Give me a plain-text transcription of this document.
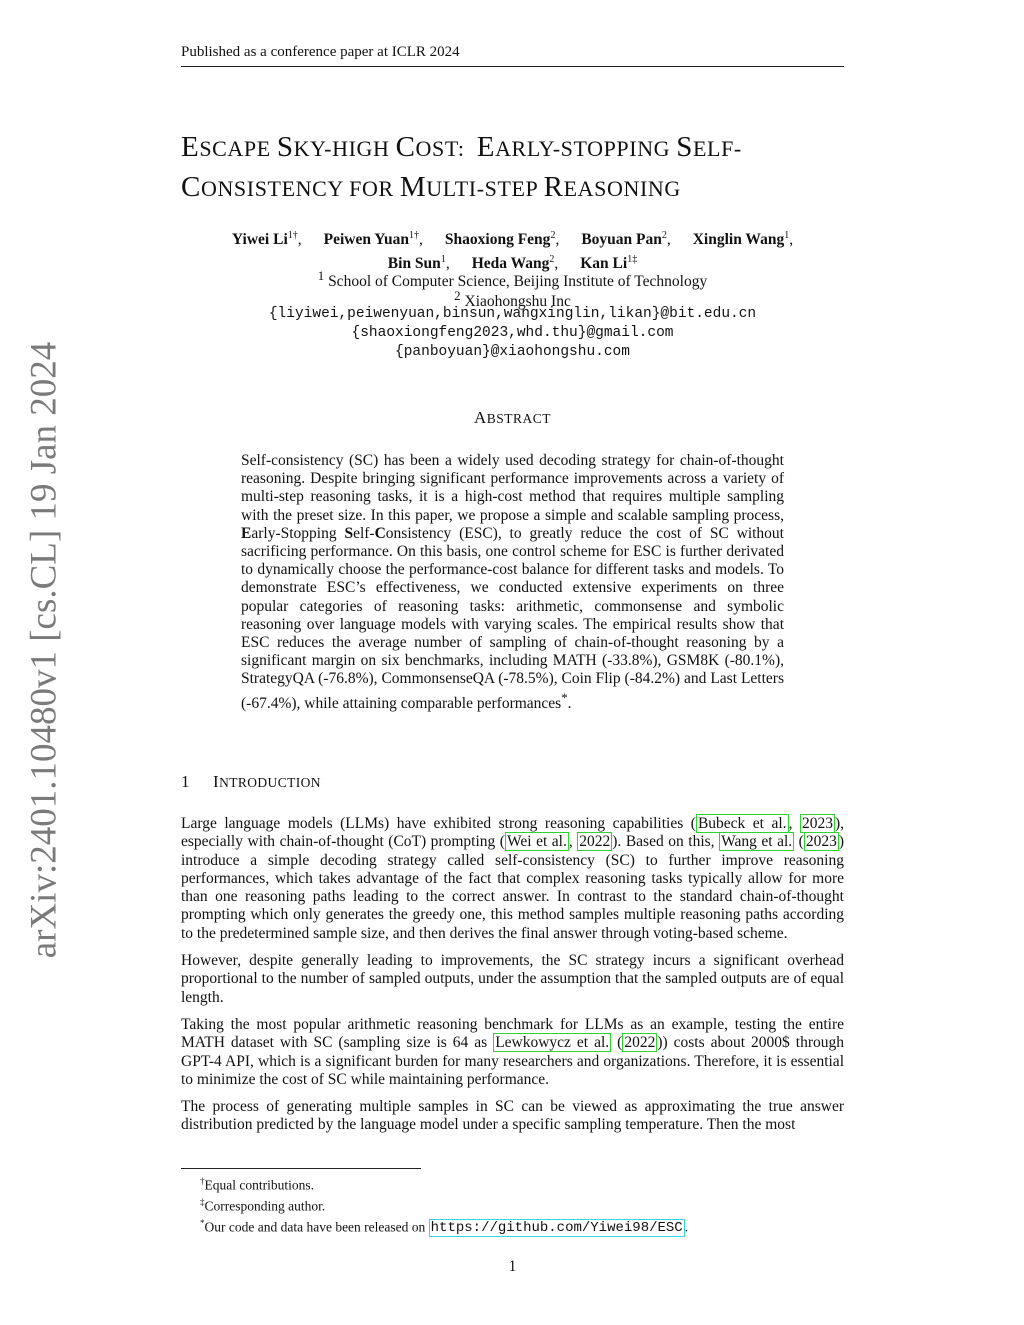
Published as a conference paper at ICLR 2024
arXiv:2401.10480v1 [cs.CL] 19 Jan 2024
ESCAPE SKY-HIGH COST:  EARLY-STOPPING SELF-
CONSISTENCY FOR MULTI-STEP REASONING
Yiwei $Li^{1\dagger}$, Peiwen Yuan$^{1\dagger}$, Shaoxiong Feng$^2$, Boyuan Pan$^2$, Xinglin Wang$^1$,
Bin Sun$^1$, Heda Wang$^2$, Kan $Li^{1\ddagger}$
$^1$ School of Computer Science, Beijing Institute of Technology
$^2$ Xiaohongshu Inc
{liyiwei,peiwenyuan,binsun,wangxinglin,likan}@bit.edu.cn
{shaoxiongfeng2023,whd.thu}@gmail.com
{panboyuan}@xiaohongshu.com
ABSTRACT

Self-consistency (SC) has been a widely used decoding strategy for chain-of-thought reasoning. Despite bringing significant performance improvements across a variety of multi-step reasoning tasks, it is a high-cost method that requires multiple sampling with the preset size. In this paper, we propose a simple and scalable sampling process, Early-Stopping Self-Consistency (ESC), to greatly reduce the cost of SC without sacrificing performance. On this basis, one control scheme for ESC is further derivated to dynamically choose the performance-cost balance for different tasks and models. To demonstrate ESC’s effectiveness, we conducted extensive experiments on three popular categories of reasoning tasks: arithmetic, commonsense and symbolic reasoning over language models with varying scales. The empirical results show that ESC reduces the average number of sampling of chain-of-thought reasoning by a significant margin on six benchmarks, including MATH (-33.8%), GSM8K (-80.1%), StrategyQA (-76.8%), CommonsenseQA (-78.5%), Coin Flip (-84.2%) and Last Letters (-67.4%), while attaining comparable performances*.

1 INTRODUCTION

Large language models (LLMs) have exhibited strong reasoning capabilities ( Bubeck et al. , 2023 ), especially with chain-of-thought (CoT) prompting ( Wei et al. , 2022 ). Based on this, Wang et al. ( 2023 ) introduce a simple decoding strategy called self-consistency (SC) to further improve reasoning performances, which takes advantage of the fact that complex reasoning tasks typically allow for more than one reasoning paths leading to the correct answer. In contrast to the standard chain-of-thought prompting which only generates the greedy one, this method samples multiple reasoning paths according to the predetermined sample size, and then derives the final answer through voting-based scheme.

However, despite generally leading to improvements, the SC strategy incurs a significant overhead proportional to the number of sampled outputs, under the assumption that the sampled outputs are of equal length.

Taking the most popular arithmetic reasoning benchmark for LLMs as an example, testing the entire MATH dataset with SC (sampling size is 64 as Lewkowycz et al. ( 2022 )) costs about 2000$ through GPT-4 API, which is a significant burden for many researchers and organizations. Therefore, it is essential to minimize the cost of SC while maintaining performance.

The process of generating multiple samples in SC can be viewed as approximating the true answer distribution predicted by the language model under a specific sampling temperature. Then the most

†Equal contributions.
‡Corresponding author.
*Our code and data have been released on https://github.com/Yiwei98/ESC .
1
